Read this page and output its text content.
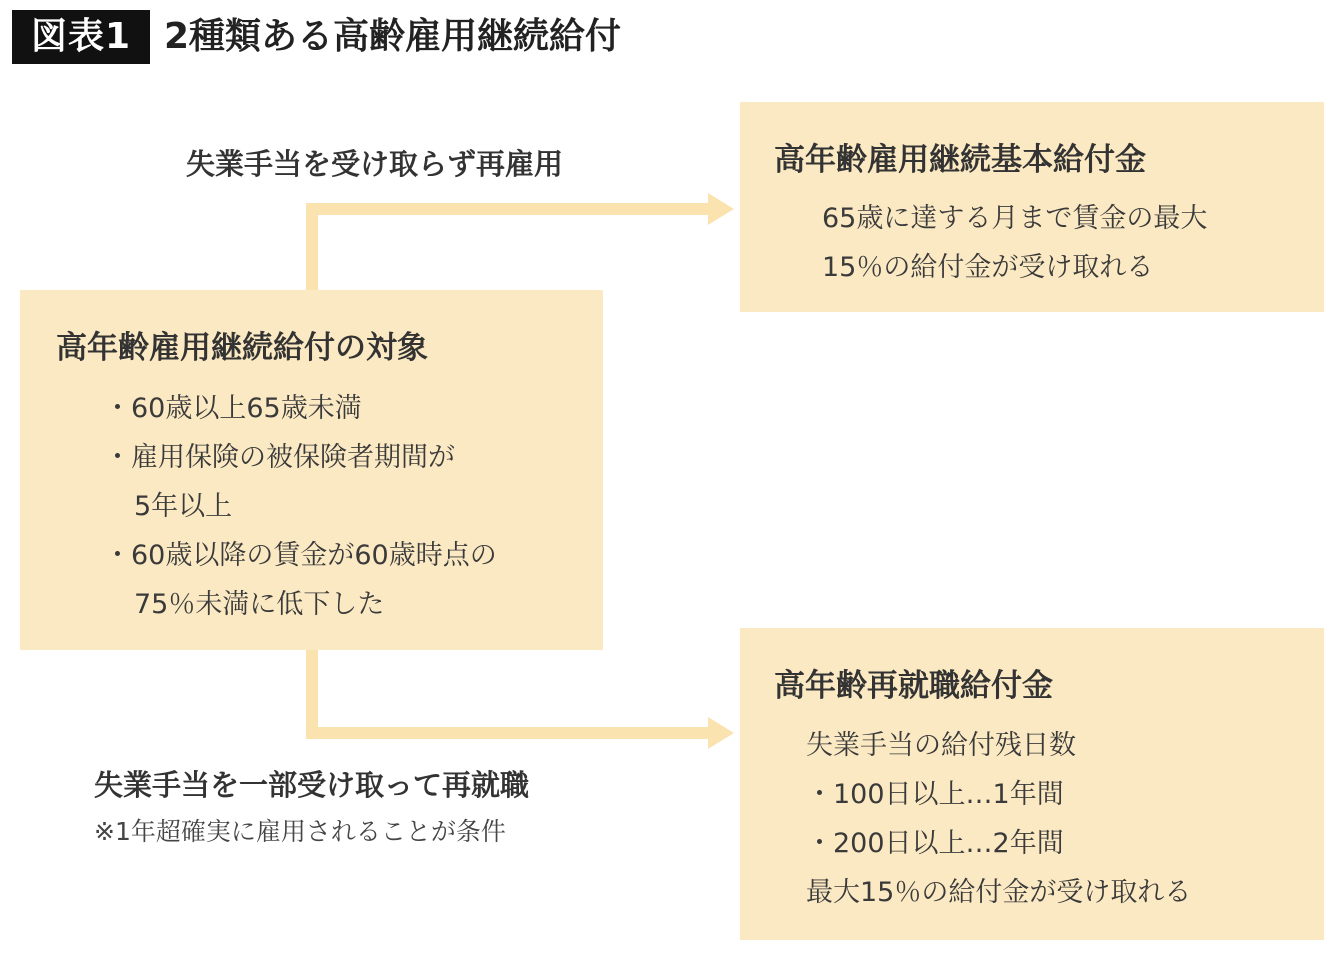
図表1 2種類ある高齢雇用継続給付
失業手当を受け取らず再雇用
高年齢雇用継続給付の対象
・60歳以上65歳未満
・雇用保険の被保険者期間が
5年以上
・60歳以降の賃金が60歳時点の
75％未満に低下した
高年齢雇用継続基本給付金
65歳に達する月まで賃金の最大
15％の給付金が受け取れる
高年齢再就職給付金
失業手当の給付残日数
・100日以上…1年間
・200日以上…2年間
最大15％の給付金が受け取れる
失業手当を一部受け取って再就職
※1年超確実に雇用されることが条件
